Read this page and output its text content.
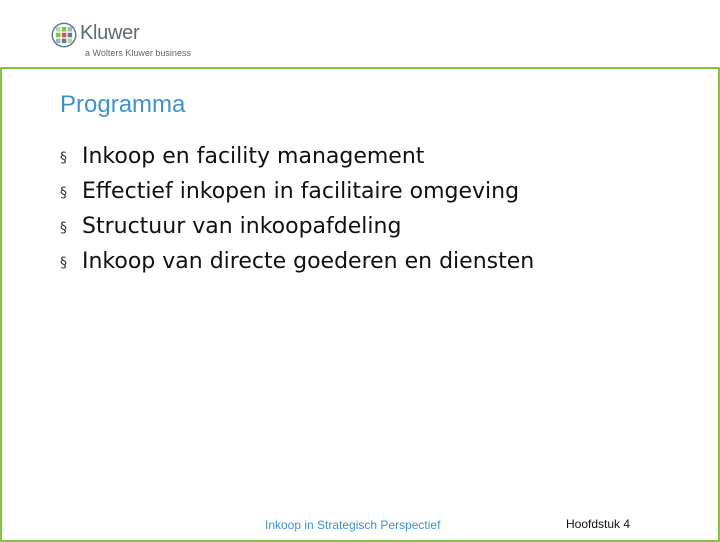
Kluwer
a Wolters Kluwer business
Programma
§ Inkoop en facility management
§ Effectief inkopen in facilitaire omgeving
§ Structuur van inkoopafdeling
§ Inkoop van directe goederen en diensten
Inkoop in Strategisch Perspectief	Hoofdstuk 4
